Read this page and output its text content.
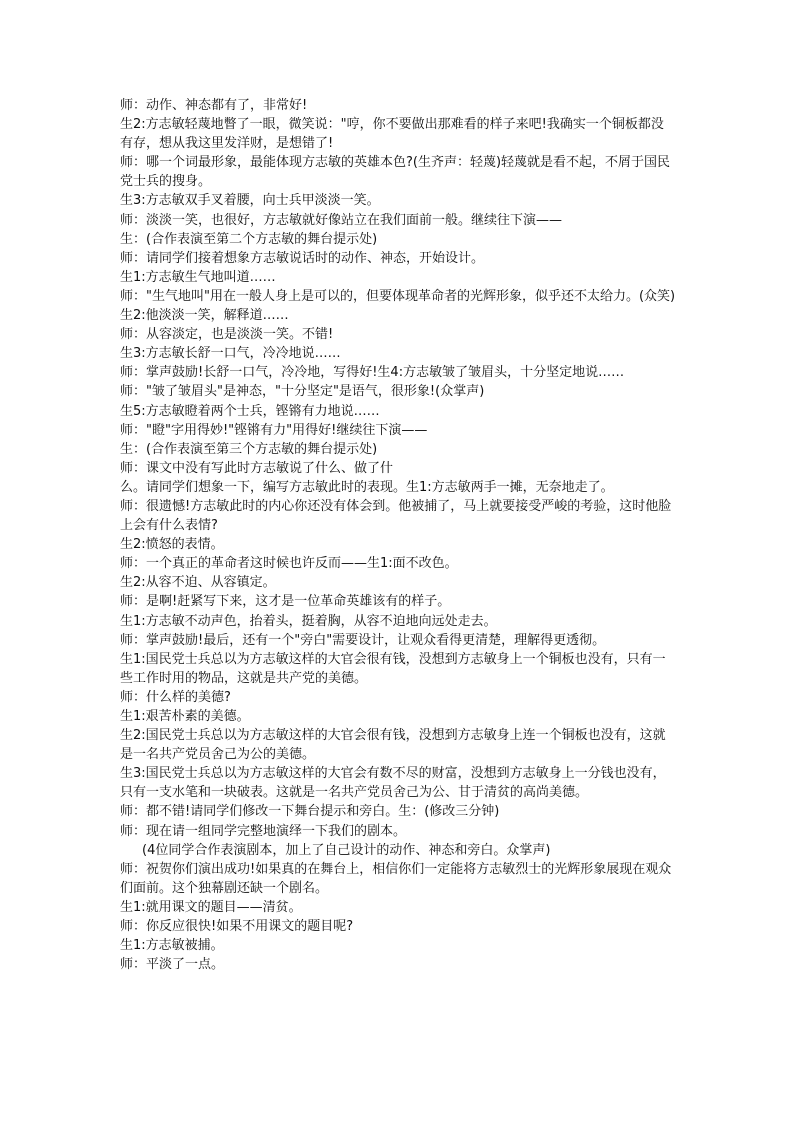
师：动作、神态都有了，非常好!

生2:方志敏轻蔑地瞥了一眼，微笑说："哼，你不要做出那难看的样子来吧!我确实一个铜板都没有存，想从我这里发洋财，是想错了!

师：哪一个词最形象，最能体现方志敏的英雄本色?(生齐声：轻蔑)轻蔑就是看不起，不屑于国民党士兵的搜身。

生3:方志敏双手叉着腰，向士兵甲淡淡一笑。

师：淡淡一笑，也很好，方志敏就好像站立在我们面前一般。继续往下演——

生：(合作表演至第二个方志敏的舞台提示处)

师：请同学们接着想象方志敏说话时的动作、神态，开始设计。

生1:方志敏生气地叫道……

师："生气地叫"用在一般人身上是可以的，但要体现革命者的光辉形象，似乎还不太给力。(众笑)

生2:他淡淡一笑，解释道……

师：从容淡定，也是淡淡一笑。不错!

生3:方志敏长舒一口气，冷冷地说……

师：掌声鼓励!长舒一口气，冷冷地，写得好!生4:方志敏皱了皱眉头，十分坚定地说……

师："皱了皱眉头"是神态，"十分坚定"是语气，很形象!(众掌声)

生5:方志敏瞪着两个士兵，铿锵有力地说……

师："瞪"字用得妙!"铿锵有力"用得好!继续往下演——

生：(合作表演至第三个方志敏的舞台提示处)

师：课文中没有写此时方志敏说了什么、做了什

么。请同学们想象一下，编写方志敏此时的表现。生1:方志敏两手一摊，无奈地走了。

师：很遗憾!方志敏此时的内心你还没有体会到。他被捕了，马上就要接受严峻的考验，这时他脸上会有什么表情?

生2:愤怒的表情。

师：一个真正的革命者这时候也许反而——生1:面不改色。

生2:从容不迫、从容镇定。

师：是啊!赶紧写下来，这才是一位革命英雄该有的样子。

生1:方志敏不动声色，抬着头，挺着胸，从容不迫地向远处走去。

师：掌声鼓励!最后，还有一个"旁白"需要设计，让观众看得更清楚，理解得更透彻。

生1:国民党士兵总以为方志敏这样的大官会很有钱，没想到方志敏身上一个铜板也没有，只有一些工作时用的物品，这就是共产党的美德。

师：什么样的美德?

生1:艰苦朴素的美德。

生2:国民党士兵总以为方志敏这样的大官会很有钱，没想到方志敏身上连一个铜板也没有，这就是一名共产党员舍己为公的美德。

生3:国民党士兵总以为方志敏这样的大官会有数不尽的财富，没想到方志敏身上一分钱也没有，只有一支水笔和一块破表。这就是一名共产党员舍己为公、甘于清贫的高尚美德。

师：都不错!请同学们修改一下舞台提示和旁白。生：(修改三分钟)

师：现在请一组同学完整地演绎一下我们的剧本。

(4位同学合作表演剧本，加上了自己设计的动作、神态和旁白。众掌声)

师：祝贺你们演出成功!如果真的在舞台上，相信你们一定能将方志敏烈士的光辉形象展现在观众们面前。这个独幕剧还缺一个剧名。

生1:就用课文的题目——清贫。

师：你反应很快!如果不用课文的题目呢?

生1:方志敏被捕。

师：平淡了一点。
